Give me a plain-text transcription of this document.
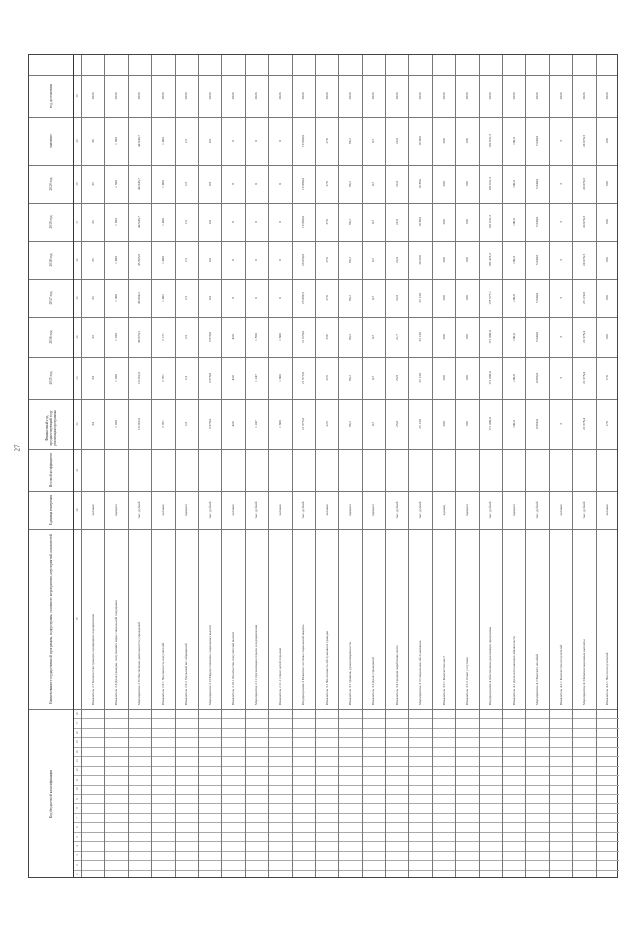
27
Код бюджетной классификации
Наименование государственной программы, подпрограмм, основного мероприятия, мероприятий, показателей
Единица измерения
Весовой коэффициент
Финансовый год, предшествующий году реализации программы
2015 год
2016 год
2017 год
2018 год
2019 год
2020 год
значение
год достижения
19
20
21
22
23
24
25
26
27
28
29
30
1
2
3
4
5
6
7
8
9
10
11
12
13
14
15
16
17
18
Показатель 2.7 Количество граждан, прошедших оздоровление
человек
34
34
33
35
35
35
35
36
2020
Показатель 2.8 Доля граждан, получивших меры социальной поддержки
процент
1 200
1 200
1 280
1 300
1 400
1 500
1 500
1 500
2020
Мероприятие 2.9 Обеспечение деятельности учреждений
тыс. рублей
10 262,0
10 262,0
46 870,5
46 864,2
45 863,8
44 843,7
44 843,7
44 843,7
2020
Показатель 2.9.1 Численность получателей
человек
2 761
2 761
2 171
1 402
1 400
1 400
1 400
1 400
2020
Показатель 2.9.2 Удельный вес обращений
процент
2,3
2,3
2,5
2,5
2,5
2,5
2,5
2,5
2020
Мероприятие 2.10 Предоставление социальных выплат
тыс. рублей
3 978,0
3 978,0
3 978,0
4 0
4 0
4 0
4 0
4 0
2020
Показатель 2.10.1 Количество получателей выплат
человек
424
424
424
0
0
0
0
0
2020
Мероприятие 2.11 Организация отдыха и оздоровления
тыс. рублей
1 247
1 247
1 850
0
0
0
0
0
2020
Показатель 2.11.1 Охват детей отдыхом
человек
1 600
1 600
1 600
0
0
0
0
0
2020
Подпрограмма 3 Развитие системы социальной защиты
тыс. рублей
21 975,0
21 975,0
21 970,0
25 099,5
26 050,0
19 880,0
19 880,0
19 880,0
2020
Показатель 3.1 Численность обслуженных граждан
человек
223
223
259
270
270
270
270
270
2020
Показатель 3.2 Уровень удовлетворенности
процент
99,2
99,2
99,2
99,2
99,2
99,2
99,2
99,2
2020
Показатель 3.3 Доля учреждений
процент
0,7
0,7
0,7
0,7
0,7
0,7
0,7
0,7
2020
Показатель 3.4 Средняя заработная плата
тыс. рублей
23,8
23,8
21,7
22,0
22,0
22,0
22,0
22,0
2020
Мероприятие 3.5 Социальное обслуживание
тыс. рублей
25 130
25 130
25 130
25 130
26 050
19 890
19 890
19 890
2020
Показатель 3.5.1 Количество мест
единиц
280
280
280
280
280
280
280
280
2020
Показатель 3.5.2 Охват услугами
процент
100
100
100
100
100
100
100
100
2020
Подпрограмма 4 Обеспечение реализации программы
тыс. рублей
171 090,0
171 090,0
171 090,0
178 577,1
185 473,3
192 631,3
192 631,3
192 631,3
2020
Показатель 4.1 Доля исполненных обязательств
процент
100,0
100,0
100,0
100,0
100,0
100,0
100,0
100,0
2020
Мероприятие 4.2 Выплата пособий
тыс. рублей
4 666,0
4 666,0
5 040,0
5 040,0
5 040,0
5 040,0
5 040,0
5 040,0
2020
Показатель 4.2.1 Количество получателей
человек
3
3
3
3
3
3
3
3
2020
Мероприятие 4.3 Компенсационные выплаты
тыс. рублей
22 378,4
22 378,4
22 378,4
23 174,8
24 070,3
24 070,3
24 070,3
24 070,3
2020
Показатель 4.3.1 Число получателей
человек
170
170
180
180
180
180
180
180
2020
